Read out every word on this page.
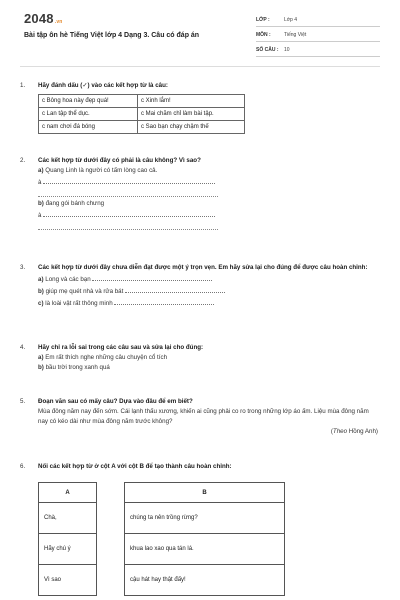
2048.vn
Bài tập ôn hè Tiếng Việt lớp 4 Dạng 3. Câu có đáp án
LỚP :	Lớp 4
MÔN :	Tiếng Việt
SỐ CÂU : 10
1. Hãy đánh dấu (✓) vào các kết hợp từ là câu:
c Bông hoa này đẹp quá!	c Xinh lắm!
c Lan tập thể dục.	c Mai chăm chỉ làm bài tập.
c nam chơi đá bóng	c Sao bạn chạy chậm thế
2. Các kết hợp từ dưới đây có phải là câu không? Vì sao?
a) Quang Linh là người có tấm lòng cao cả.
à
b) đang gói bánh chưng
à
3. Các kết hợp từ dưới đây chưa diễn đạt được một ý trọn vẹn. Em hãy sửa lại cho đúng để được câu hoàn chỉnh:
a) Long và các bạn
b) giúp mẹ quét nhà và rửa bát
c) là loài vật rất thông minh
4. Hãy chỉ ra lỗi sai trong các câu sau và sửa lại cho đúng:
a) Em rất thích nghe những câu chuyện cổ tích
b) bầu trời trong xanh quá
5. Đoạn văn sau có mấy câu? Dựa vào đâu để em biết?
Mùa đông năm nay đến sớm. Cái lạnh thấu xương, khiến ai cũng phải co ro trong những lớp áo ấm. Liệu mùa đông năm nay có kéo dài như mùa đông năm trước không?
(Theo Hồng Anh)
6. Nối các kết hợp từ ở cột A với cột B để tạo thành câu hoàn chỉnh:
A		B
Chà,		chúng ta nên trồng rừng?
Hãy chú ý		khua lao xao qua tán lá.
Vì sao		cậu hát hay thật đấy!
